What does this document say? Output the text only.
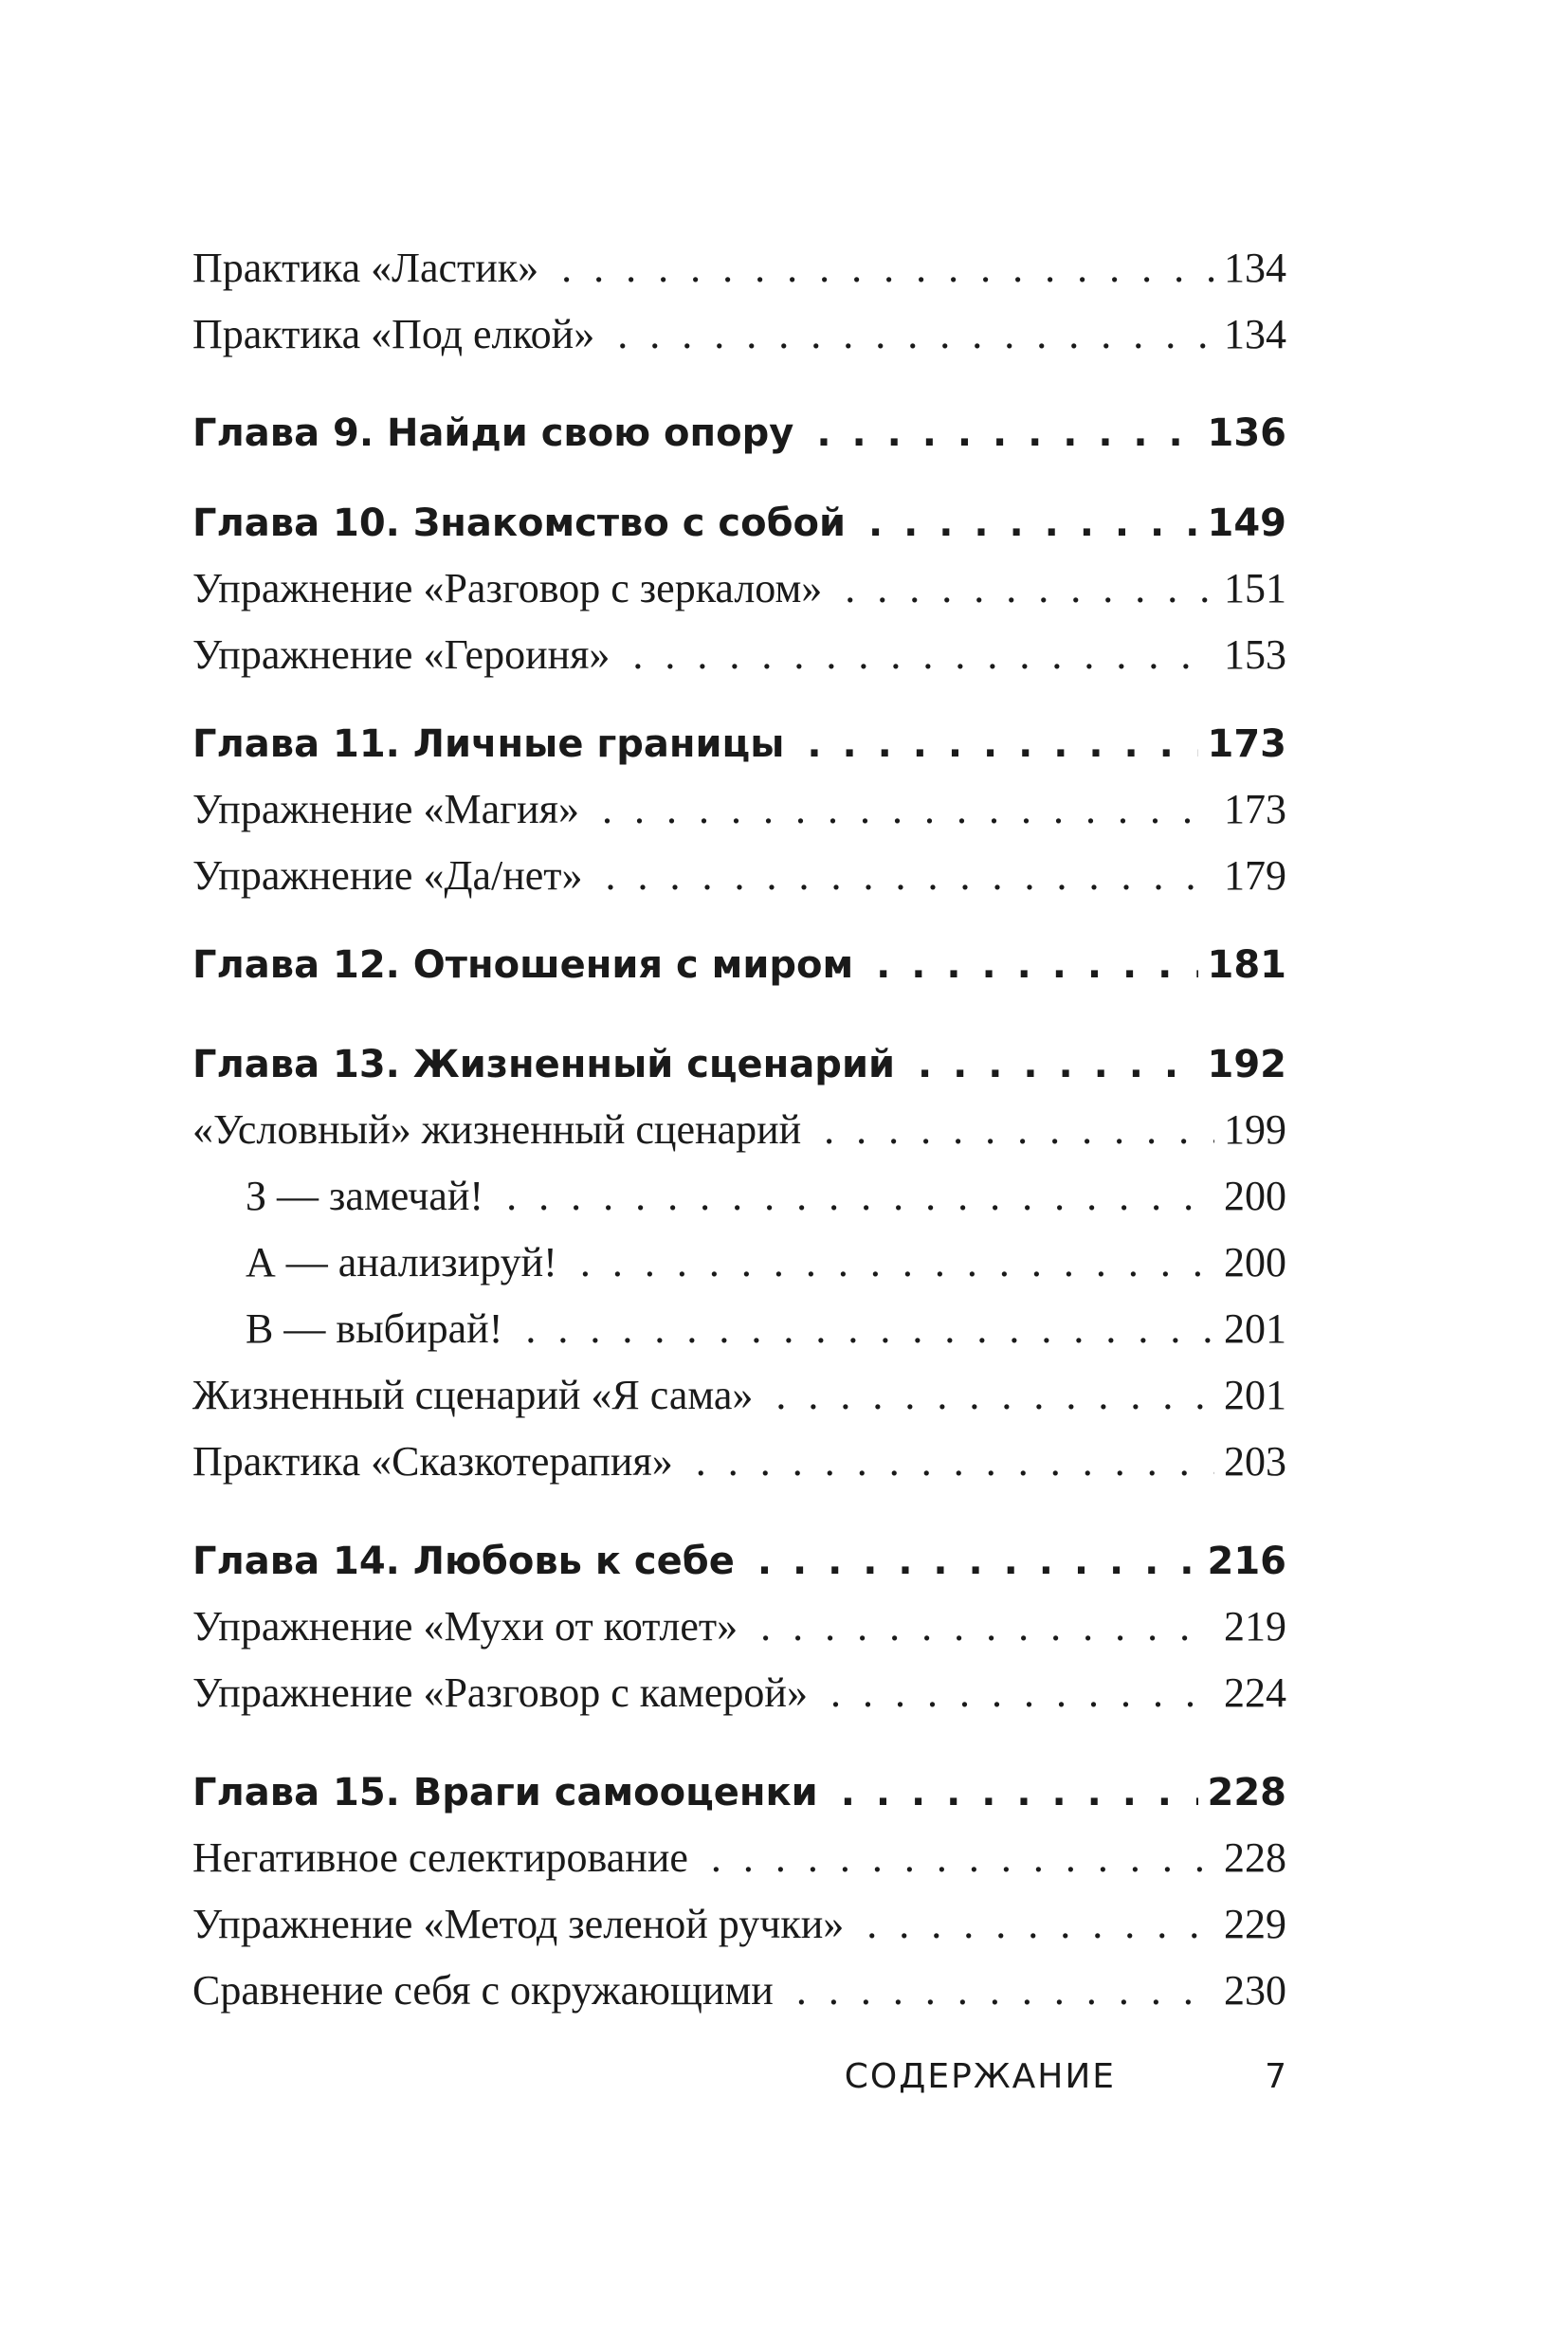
Практика «Ластик» . . .	134
Практика «Под елкой» . . .	134
Глава 9. Найди свою опору . . .	136
Глава 10. Знакомство с собой . . .	149
Упражнение «Разговор с зеркалом» . . .	151
Упражнение «Героиня» . . .	153
Глава 11. Личные границы . . .	173
Упражнение «Магия» . . .	173
Упражнение «Да/нет» . . .	179
Глава 12. Отношения с миром . . .	181
Глава 13. Жизненный сценарий . . .	192
«Условный» жизненный сценарий . . .	199
З — замечай! . . .	200
А — анализируй! . . .	200
В — выбирай! . . .	201
Жизненный сценарий «Я сама» . . .	201
Практика «Сказкотерапия» . . .	203
Глава 14. Любовь к себе . . .	216
Упражнение «Мухи от котлет» . . .	219
Упражнение «Разговор с камерой» . . .	224
Глава 15. Враги самооценки . . .	228
Негативное селектирование . . .	228
Упражнение «Метод зеленой ручки» . . .	229
Сравнение себя с окружающими . . .	230
СОДЕРЖАНИЕ	7
